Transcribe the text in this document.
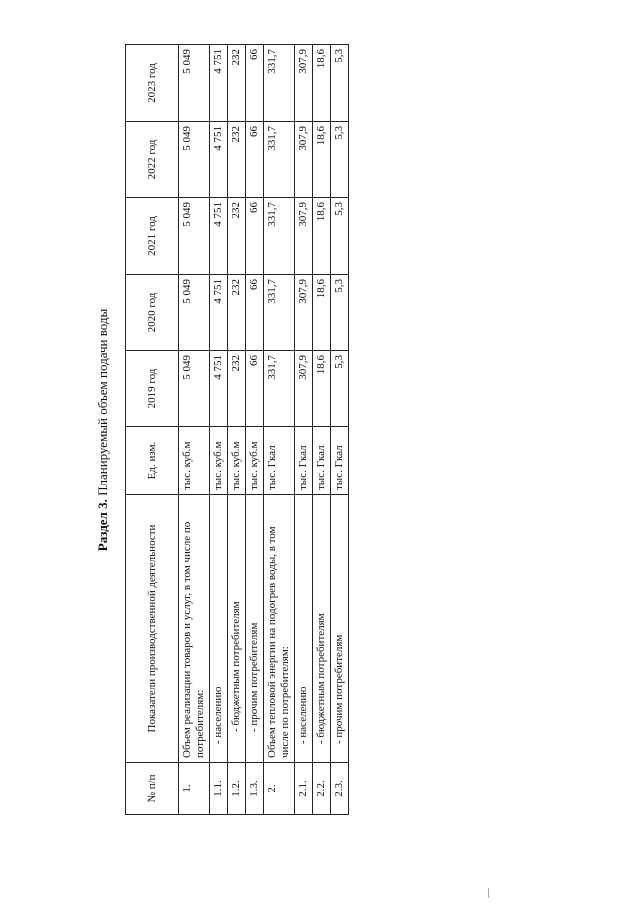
Раздел 3. Планируемый объем подачи воды
№ п/п	Показатели производственной деятельности	Ед. изм.	2019 год	2020 год	2021 год	2022 год	2023 год
1.	Объем реализации товаров и услуг, в том числе по потребителям:	тыс. куб.м	5 049	5 049	5 049	5 049	5 049
1.1.	- населению	тыс. куб.м	4 751	4 751	4 751	4 751	4 751
1.2.	- бюджетным потребителям	тыс. куб.м	232	232	232	232	232
1.3.	- прочим потребителям	тыс. куб.м	66	66	66	66	66
2.	Объем тепловой энергии на подогрев воды, в том числе по потребителям:	тыс. Гкал	331,7	331,7	331,7	331,7	331,7
2.1.	- населению	тыс. Гкал	307,9	307,9	307,9	307,9	307,9
2.2.	- бюджетным потребителям	тыс. Гкал	18,6	18,6	18,6	18,6	18,6
2.3.	- прочим потребителям	тыс. Гкал	5,3	5,3	5,3	5,3	5,3
